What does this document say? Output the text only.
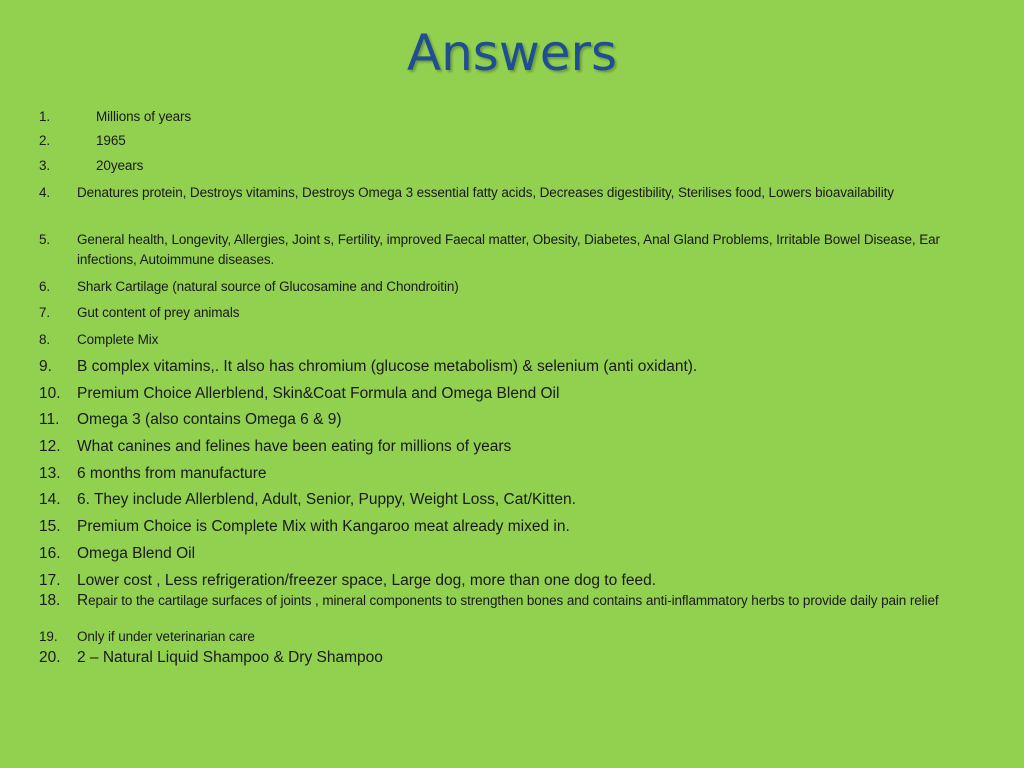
Answers
1.	Millions of years
2.	1965
3.	20years
4. Denatures protein, Destroys vitamins, Destroys Omega 3 essential fatty acids, Decreases digestibility, Sterilises food, Lowers bioavailability
5. General health, Longevity, Allergies, Joint s, Fertility, improved Faecal matter, Obesity, Diabetes, Anal Gland Problems, Irritable Bowel Disease, Ear infections, Autoimmune diseases.
6. Shark Cartilage (natural source of Glucosamine and Chondroitin)
7. Gut content of prey animals
8. Complete Mix
9. B complex vitamins,. It also has chromium (glucose metabolism) & selenium (anti oxidant).
10. Premium Choice Allerblend, Skin&Coat Formula and Omega Blend Oil
11. Omega 3 (also contains Omega 6 & 9)
12. What canines and felines have been eating for millions of years
13. 6 months from manufacture
14. 6. They include Allerblend, Adult, Senior, Puppy, Weight Loss, Cat/Kitten.
15. Premium Choice is Complete Mix with Kangaroo meat already mixed in.
16. Omega Blend Oil
17. Lower cost , Less refrigeration/freezer space, Large dog, more than one dog to feed.
18. Repair to the cartilage surfaces of joints , mineral components to strengthen bones and contains anti-inflammatory herbs to provide daily pain relief
19. Only if under veterinarian care
20. 2 – Natural Liquid Shampoo & Dry Shampoo
